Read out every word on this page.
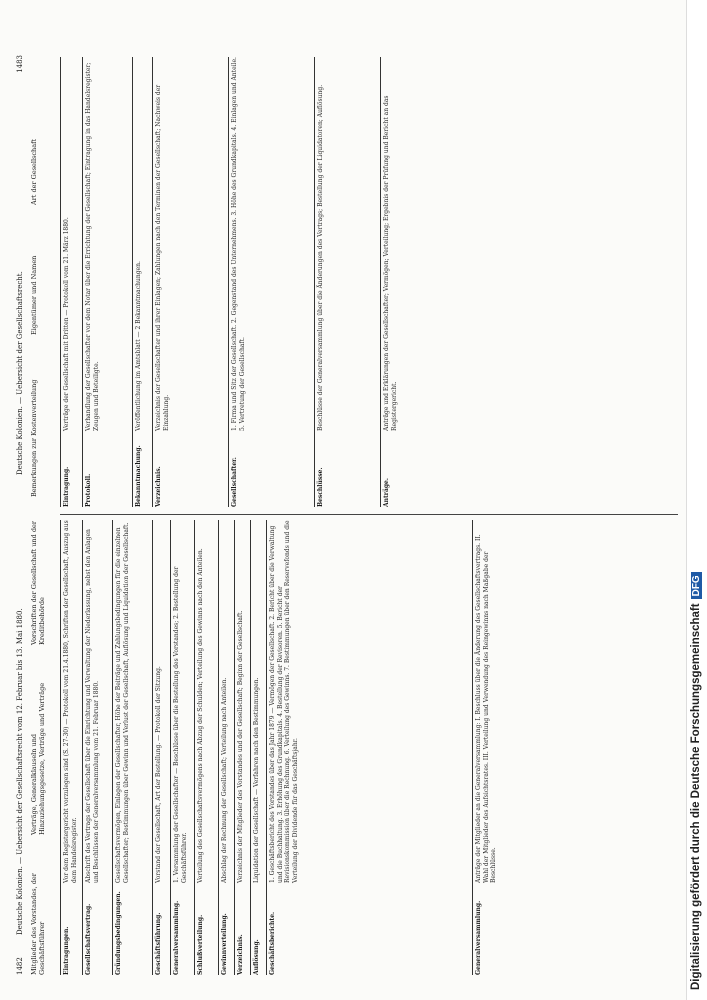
1482
Deutsche Kolonien. — Uebersicht der Gesellschaftsrecht vom 12. Februar bis 13. Mai 1880.
Deutsche Kolonien. — Uebersicht der Gesellschaftsrecht.
1483
Mitglieder des Vorstandes, der Geschäftsführer
Verträge, Generalklauseln und Hinzuziehungsgesetze, Verträge und Verträge
Vorschriften der Gesellschaft und der Kreditbehörde
Bemerkungen zur Kostenverteilung
Eigentümer und Namen
Art der Gesellschaft
Eintragungen.
Vor dem Registergericht vorzulegen sind (S. 27-30) — Protokoll vom 21.4.1880, Schriften der Gesellschaft, Auszug aus dem Handelsregister.
Gesellschaftsvertrag.
Abschrift des Vertrags der Gesellschaft über die Einrichtung und Verwaltung der Niederlassung, nebst den Anlagen und Beschlüssen der Generalversammlung vom 21. Februar 1880.
Gründungsbedingungen.
Gesellschaftsvermögen, Einlagen der Gesellschafter, Höhe der Beiträge und Zahlungsbedingungen für die einzelnen Gesellschafter; Bestimmungen über Gewinn und Verlust der Gesellschaft, Auflösung und Liquidation der Gesellschaft.
Geschäftsführung.
Vorstand der Gesellschaft, Art der Bestellung. — Protokoll der Sitzung.
Generalversammlung.
1. Versammlung der Gesellschafter — Beschlüsse über die Bestellung des Vorstandes; 2. Bestellung der Geschäftsführer.
Schlußverteilung.
Verteilung des Gesellschaftsvermögens nach Abzug der Schulden; Verteilung des Gewinns nach den Anteilen.
Gewinnverteilung.
Abschlag der Rechnung der Gesellschaft; Verteilung nach Anteilen.
Verzeichnis.
Verzeichnis der Mitglieder des Vorstandes und der Gesellschaft; Beginn der Gesellschaft.
Auflösung.
Liquidation der Gesellschaft — Verfahren nach den Bestimmungen.
Geschäftsberichte.
1. Geschäftsbericht des Vorstandes über das Jahr 1879 — Vermögen der Gesellschaft. 2. Bericht über die Verwaltung und die Buchhaltung. 3. Erhöhung des Grundkapitals. 4. Bestellung der Revisoren. 5. Bericht der Revisionskommission über die Rechnung. 6. Verteilung des Gewinns. 7. Bestimmungen über den Reservefonds und die Verteilung der Dividende für das Geschäftsjahr.
Generalversammlung.
Anträge der Mitglieder an die Generalversammlung: I. Beschluss über die Änderung des Gesellschaftsvertrags. II. Wahl der Mitglieder des Aufsichtsrates. III. Verteilung und Verwendung des Reingewinns nach Maßgabe der Beschlüsse.
Eintragung.
Verträge der Gesellschaft mit Dritten — Protokoll vom 21. März 1880.
Protokoll.
Verhandlung der Gesellschafter vor dem Notar über die Errichtung der Gesellschaft; Eintragung in das Handelsregister; Zeugen und Beteiligte.
Bekanntmachung.
Veröffentlichung im Amtsblatt — 2 Bekanntmachungen.
Verzeichnis.
Verzeichnis der Gesellschafter und ihrer Einlagen; Zahlungen nach den Terminen der Gesellschaft; Nachweis der Einzahlung.
Gesellschafter.
1. Firma und Sitz der Gesellschaft. 2. Gegenstand des Unternehmens. 3. Höhe des Grundkapitals. 4. Einlagen und Anteile. 5. Vertretung der Gesellschaft.
Beschlüsse.
Beschlüsse der Generalversammlung über die Änderungen des Vertrags; Bestellung der Liquidatoren; Auflösung.
Anträge.
Anträge und Erklärungen der Gesellschafter; Vermögen; Verteilung; Ergebnis der Prüfung und Bericht an das Registergericht.
Digitalisierung gefördert durch die Deutsche ForschungsgemeinschaftDFG
